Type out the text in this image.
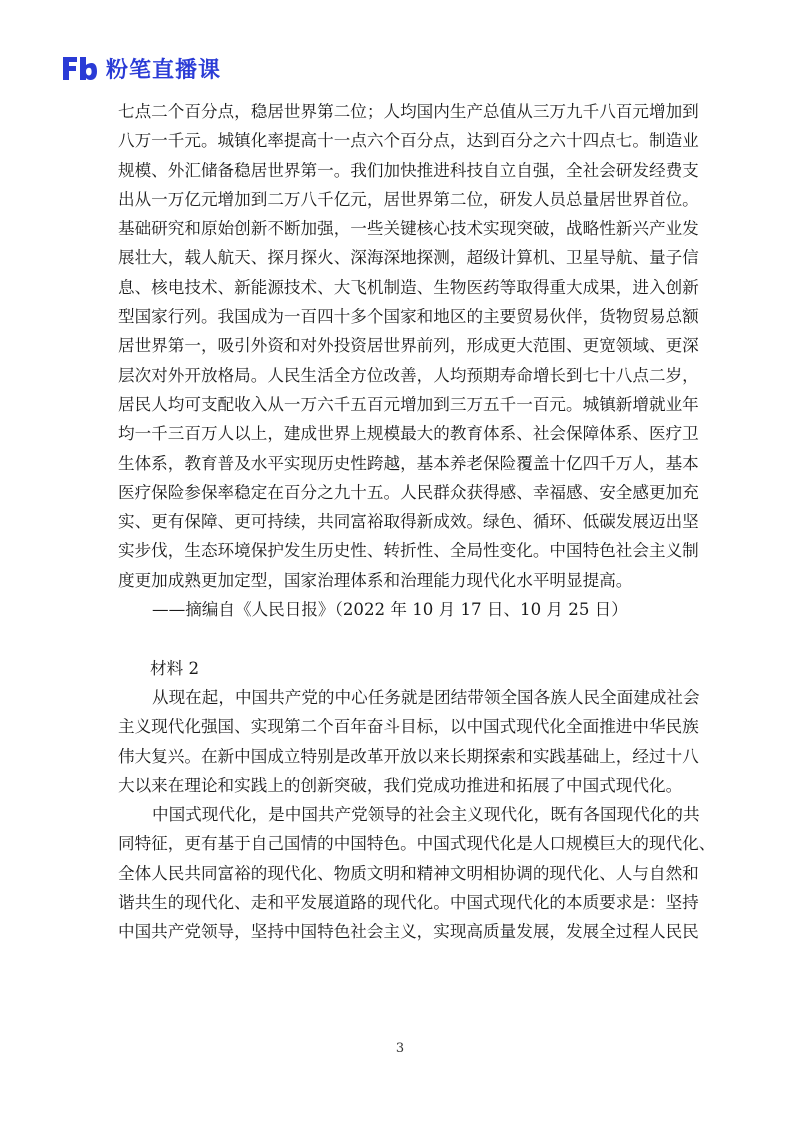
粉笔直播课
七点二个百分点，稳居世界第二位；人均国内生产总值从三万九千八百元增加到
八万一千元。城镇化率提高十一点六个百分点，达到百分之六十四点七。制造业
规模、外汇储备稳居世界第一。我们加快推进科技自立自强，全社会研发经费支
出从一万亿元增加到二万八千亿元，居世界第二位，研发人员总量居世界首位。
基础研究和原始创新不断加强，一些关键核心技术实现突破，战略性新兴产业发
展壮大，载人航天、探月探火、深海深地探测，超级计算机、卫星导航、量子信
息、核电技术、新能源技术、大飞机制造、生物医药等取得重大成果，进入创新
型国家行列。我国成为一百四十多个国家和地区的主要贸易伙伴，货物贸易总额
居世界第一，吸引外资和对外投资居世界前列，形成更大范围、更宽领域、更深
层次对外开放格局。人民生活全方位改善，人均预期寿命增长到七十八点二岁，
居民人均可支配收入从一万六千五百元增加到三万五千一百元。城镇新增就业年
均一千三百万人以上，建成世界上规模最大的教育体系、社会保障体系、医疗卫
生体系，教育普及水平实现历史性跨越，基本养老保险覆盖十亿四千万人，基本
医疗保险参保率稳定在百分之九十五。人民群众获得感、幸福感、安全感更加充
实、更有保障、更可持续，共同富裕取得新成效。绿色、循环、低碳发展迈出坚
实步伐，生态环境保护发生历史性、转折性、全局性变化。中国特色社会主义制
度更加成熟更加定型，国家治理体系和治理能力现代化水平明显提高。
——摘编自《人民日报》（2022 年 10 月 17 日、10 月 25 日）
材料 2
从现在起，中国共产党的中心任务就是团结带领全国各族人民全面建成社会
主义现代化强国、实现第二个百年奋斗目标，以中国式现代化全面推进中华民族
伟大复兴。在新中国成立特别是改革开放以来长期探索和实践基础上，经过十八
大以来在理论和实践上的创新突破，我们党成功推进和拓展了中国式现代化。
中国式现代化，是中国共产党领导的社会主义现代化，既有各国现代化的共
同特征，更有基于自己国情的中国特色。中国式现代化是人口规模巨大的现代化、
全体人民共同富裕的现代化、物质文明和精神文明相协调的现代化、人与自然和
谐共生的现代化、走和平发展道路的现代化。中国式现代化的本质要求是：坚持
中国共产党领导，坚持中国特色社会主义，实现高质量发展，发展全过程人民民
3
